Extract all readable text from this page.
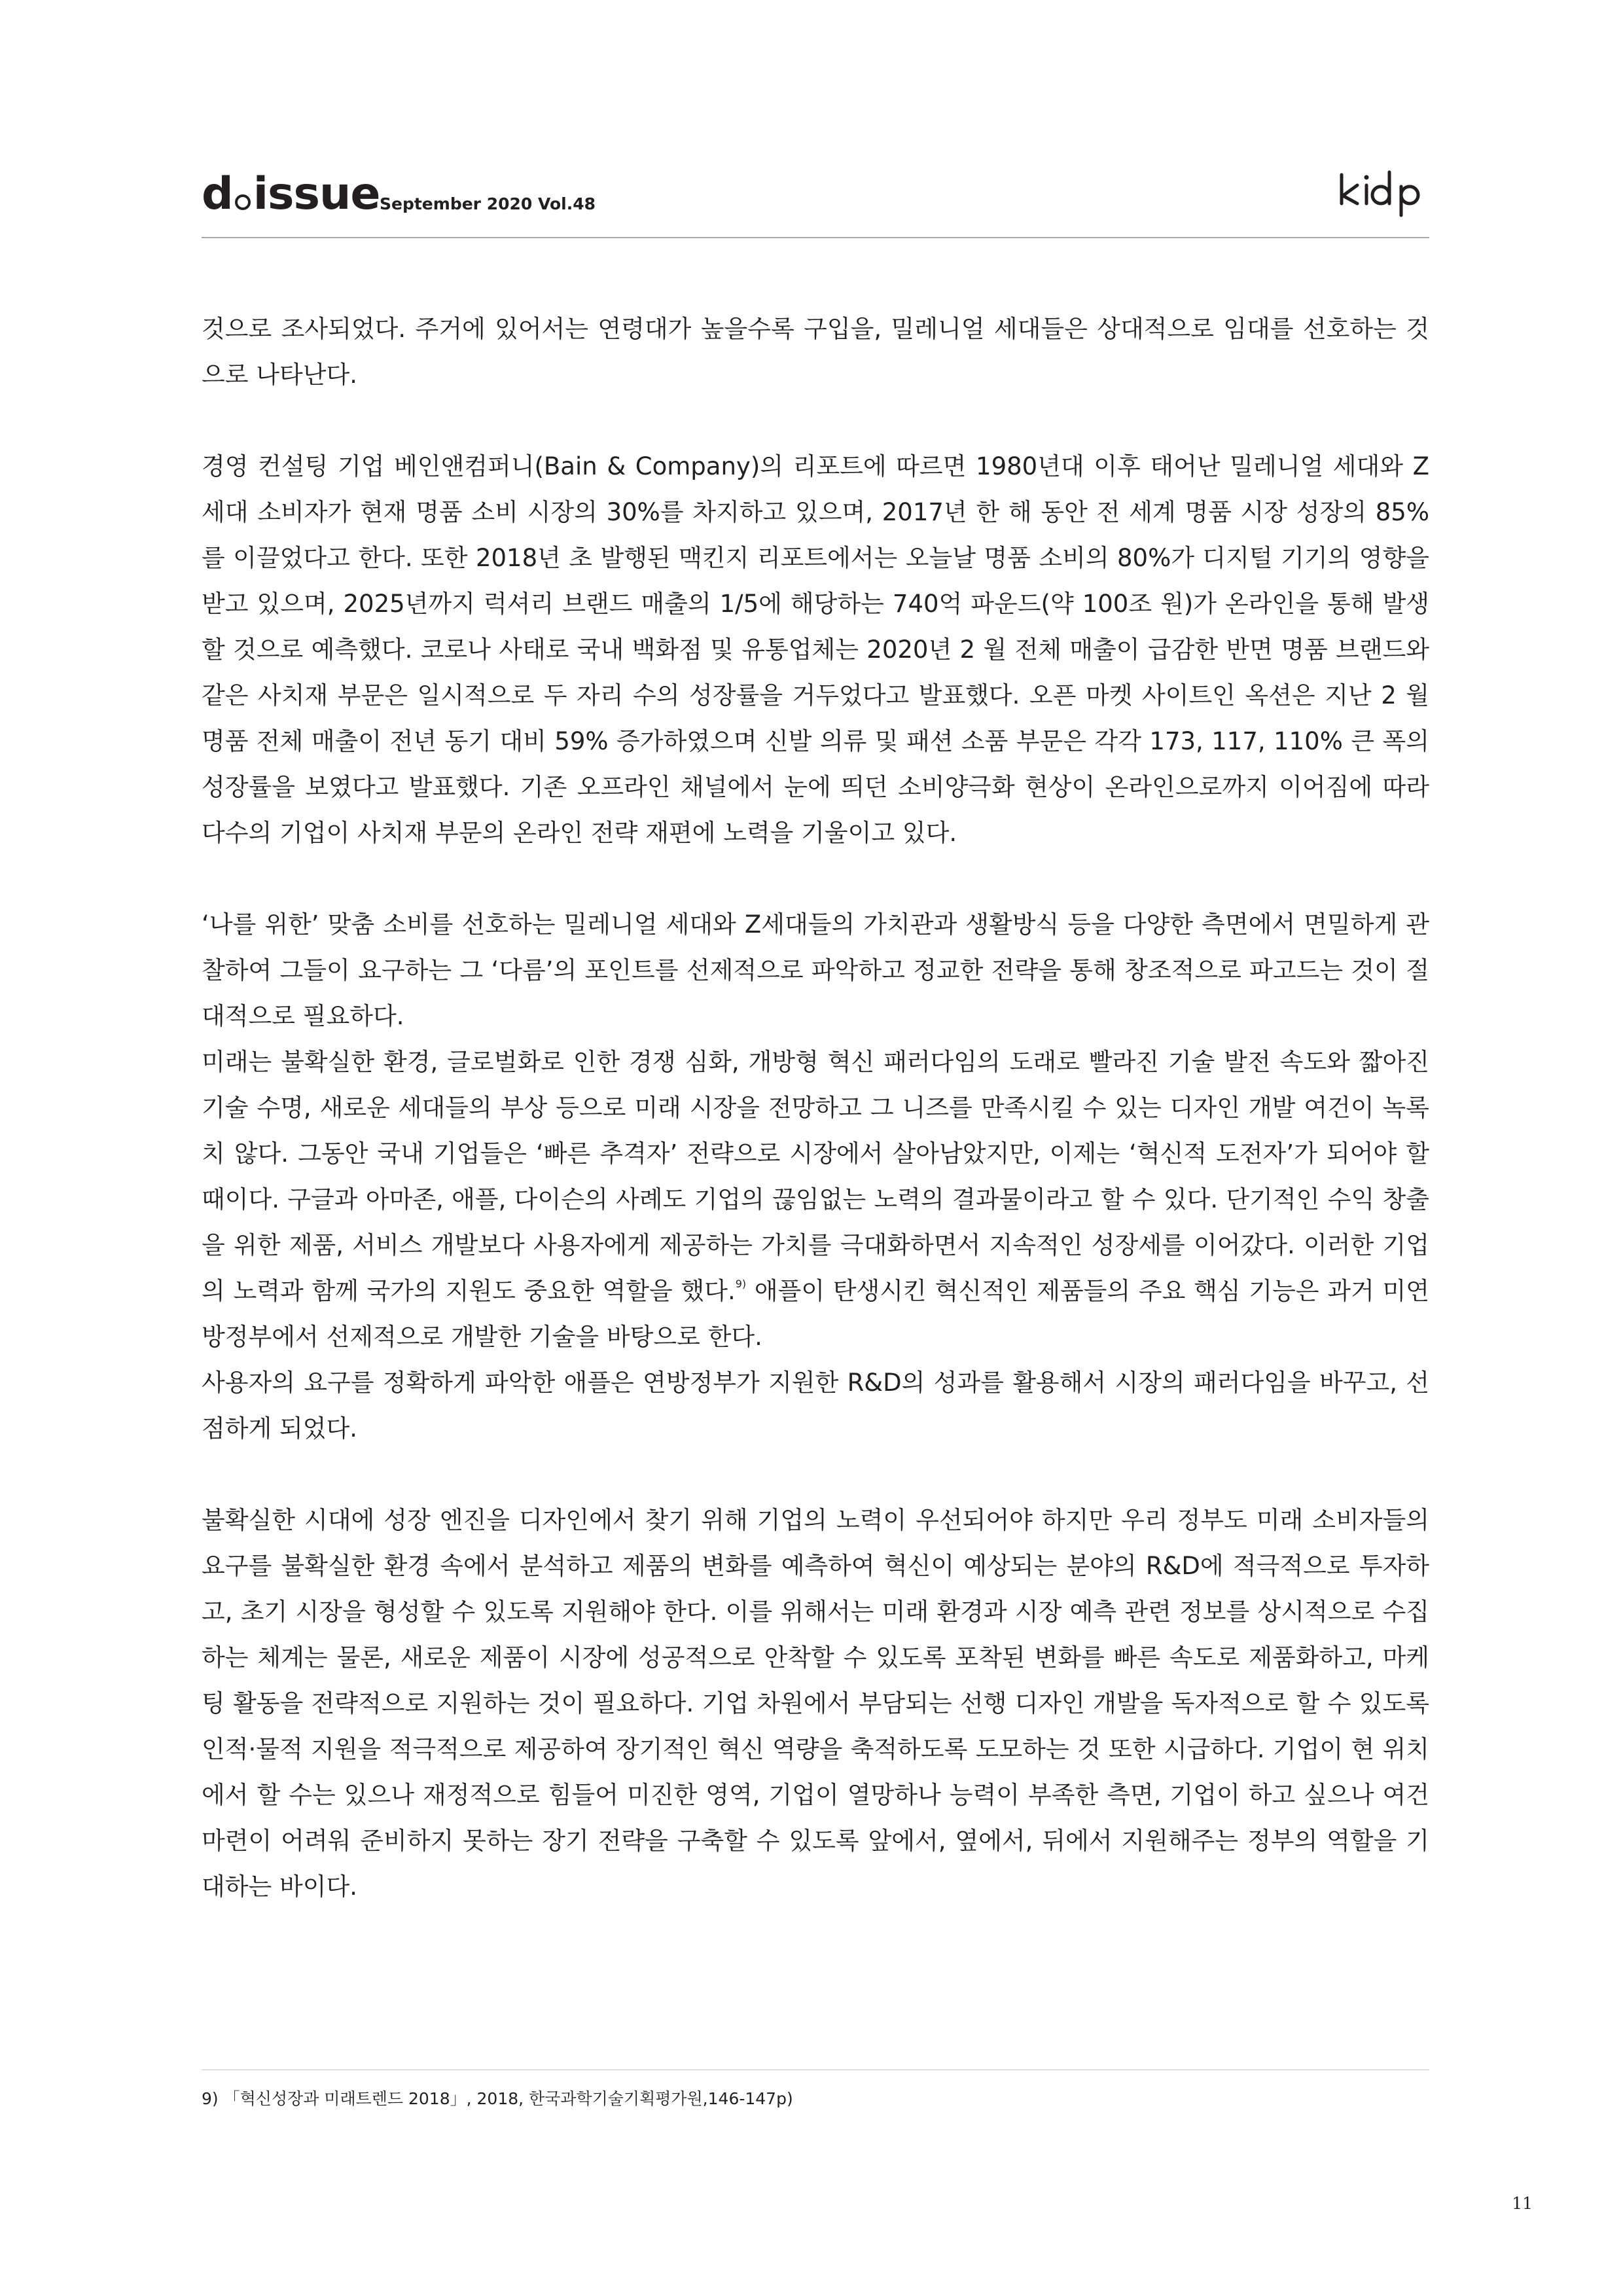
d issue September 2020 Vol.48

것으로 조사되었다. 주거에 있어서는 연령대가 높을수록 구입을, 밀레니얼 세대들은 상대적으로 임대를 선호하는 것으로 나타난다.

경영 컨설팅 기업 베인앤컴퍼니(Bain & Company)의 리포트에 따르면 1980년대 이후 태어난 밀레니얼 세대와 Z 세대 소비자가 현재 명품 소비 시장의 30%를 차지하고 있으며, 2017년 한 해 동안 전 세계 명품 시장 성장의 85%를 이끌었다고 한다. 또한 2018년 초 발행된 맥킨지 리포트에서는 오늘날 명품 소비의 80%가 디지털 기기의 영향을 받고 있으며, 2025년까지 럭셔리 브랜드 매출의 1/5에 해당하는 740억 파운드(약 100조 원)가 온라인을 통해 발생할 것으로 예측했다. 코로나 사태로 국내 백화점 및 유통업체는 2020년 2 월 전체 매출이 급감한 반면 명품 브랜드와 같은 사치재 부문은 일시적으로 두 자리 수의 성장률을 거두었다고 발표했다. 오픈 마켓 사이트인 옥션은 지난 2 월 명품 전체 매출이 전년 동기 대비 59% 증가하였으며 신발 의류 및 패션 소품 부문은 각각 173, 117, 110% 큰 폭의 성장률을 보였다고 발표했다. 기존 오프라인 채널에서 눈에 띄던 소비양극화 현상이 온라인으로까지 이어짐에 따라 다수의 기업이 사치재 부문의 온라인 전략 재편에 노력을 기울이고 있다.

‘나를 위한’ 맞춤 소비를 선호하는 밀레니얼 세대와 Z세대들의 가치관과 생활방식 등을 다양한 측면에서 면밀하게 관찰하여 그들이 요구하는 그 ‘다름’의 포인트를 선제적으로 파악하고 정교한 전략을 통해 창조적으로 파고드는 것이 절대적으로 필요하다.

미래는 불확실한 환경, 글로벌화로 인한 경쟁 심화, 개방형 혁신 패러다임의 도래로 빨라진 기술 발전 속도와 짧아진 기술 수명, 새로운 세대들의 부상 등으로 미래 시장을 전망하고 그 니즈를 만족시킬 수 있는 디자인 개발 여건이 녹록치 않다. 그동안 국내 기업들은 ‘빠른 추격자’ 전략으로 시장에서 살아남았지만, 이제는 ‘혁신적 도전자’가 되어야 할 때이다. 구글과 아마존, 애플, 다이슨의 사례도 기업의 끊임없는 노력의 결과물이라고 할 수 있다. 단기적인 수익 창출을 위한 제품, 서비스 개발보다 사용자에게 제공하는 가치를 극대화하면서 지속적인 성장세를 이어갔다. 이러한 기업의 노력과 함께 국가의 지원도 중요한 역할을 했다.$^{9)}$ 애플이 탄생시킨 혁신적인 제품들의 주요 핵심 기능은 과거 미연방정부에서 선제적으로 개발한 기술을 바탕으로 한다.

사용자의 요구를 정확하게 파악한 애플은 연방정부가 지원한 R&D의 성과를 활용해서 시장의 패러다임을 바꾸고, 선점하게 되었다.

불확실한 시대에 성장 엔진을 디자인에서 찾기 위해 기업의 노력이 우선되어야 하지만 우리 정부도 미래 소비자들의 요구를 불확실한 환경 속에서 분석하고 제품의 변화를 예측하여 혁신이 예상되는 분야의 R&D에 적극적으로 투자하고, 초기 시장을 형성할 수 있도록 지원해야 한다. 이를 위해서는 미래 환경과 시장 예측 관련 정보를 상시적으로 수집하는 체계는 물론, 새로운 제품이 시장에 성공적으로 안착할 수 있도록 포착된 변화를 빠른 속도로 제품화하고, 마케팅 활동을 전략적으로 지원하는 것이 필요하다. 기업 차원에서 부담되는 선행 디자인 개발을 독자적으로 할 수 있도록 인적·물적 지원을 적극적으로 제공하여 장기적인 혁신 역량을 축적하도록 도모하는 것 또한 시급하다. 기업이 현 위치에서 할 수는 있으나 재정적으로 힘들어 미진한 영역, 기업이 열망하나 능력이 부족한 측면, 기업이 하고 싶으나 여건 마련이 어려워 준비하지 못하는 장기 전략을 구축할 수 있도록 앞에서, 옆에서, 뒤에서 지원해주는 정부의 역할을 기대하는 바이다.

9) 「혁신성장과 미래트렌드 2018」, 2018, 한국과학기술기획평가원,146-147p)
11
